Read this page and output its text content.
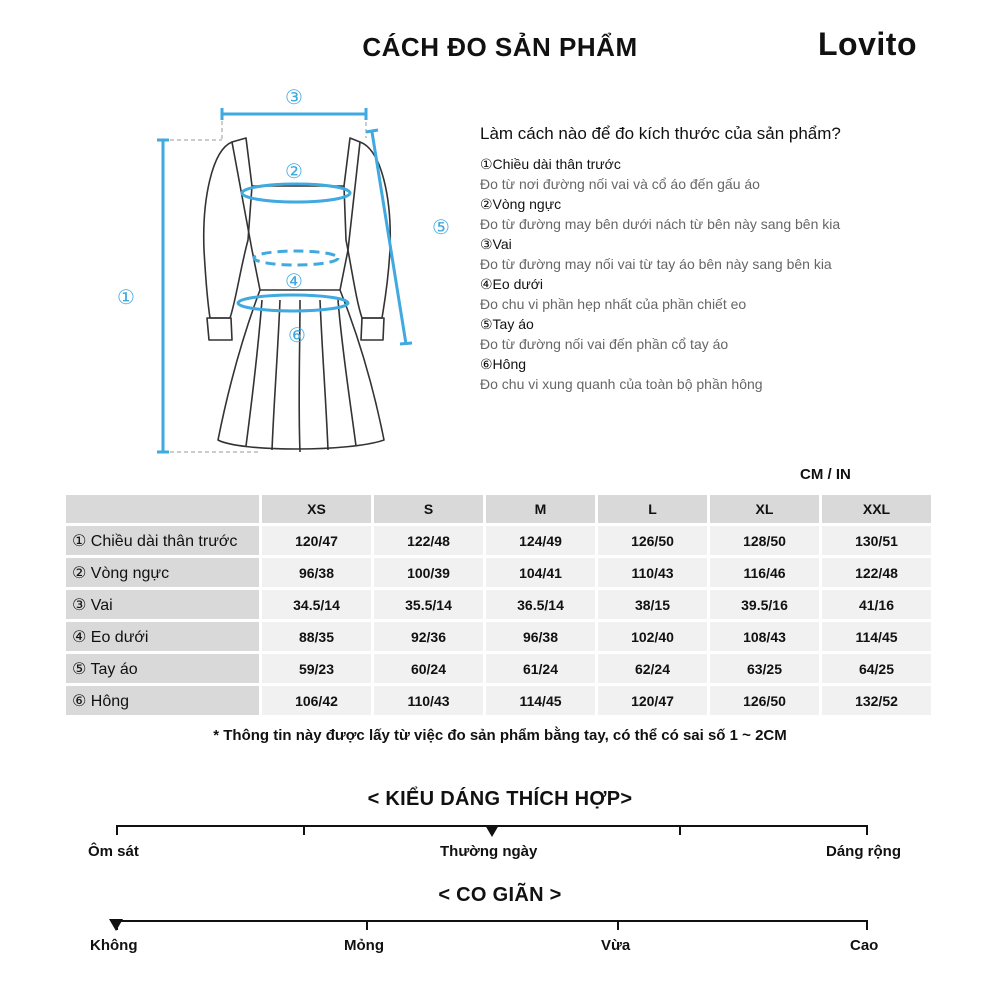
CÁCH ĐO SẢN PHẨM	Lovito
③
①
②
④
⑥
⑤
Làm cách nào để đo kích thước của sản phẩm?
①Chiều dài thân trước
Đo từ nơi đường nối vai và cổ áo đến gấu áo
②Vòng ngực
Đo từ đường may bên dưới nách từ bên này sang bên kia
③Vai
Đo từ đường may nối vai từ tay áo bên này sang bên kia
④Eo dưới
Đo chu vi phần hẹp nhất của phần chiết eo
⑤Tay áo
Đo từ đường nối vai đến phần cổ tay áo
⑥Hông
Đo chu vi xung quanh của toàn bộ phần hông
CM / IN
	XS	S	M	L	XL	XXL
① Chiều dài thân trước	120/47	122/48	124/49	126/50	128/50	130/51
② Vòng ngực	96/38	100/39	104/41	110/43	116/46	122/48
③ Vai	34.5/14	35.5/14	36.5/14	38/15	39.5/16	41/16
④ Eo dưới	88/35	92/36	96/38	102/40	108/43	114/45
⑤ Tay áo	59/23	60/24	61/24	62/24	63/25	64/25
⑥ Hông	106/42	110/43	114/45	120/47	126/50	132/52
* Thông tin này được lấy từ việc đo sản phẩm bằng tay, có thể có sai số 1 ~ 2CM
< KIỂU DÁNG THÍCH HỢP>
Ôm sát	Thường ngày	Dáng rộng
< CO GIÃN >
Không	Mỏng	Vừa	Cao
